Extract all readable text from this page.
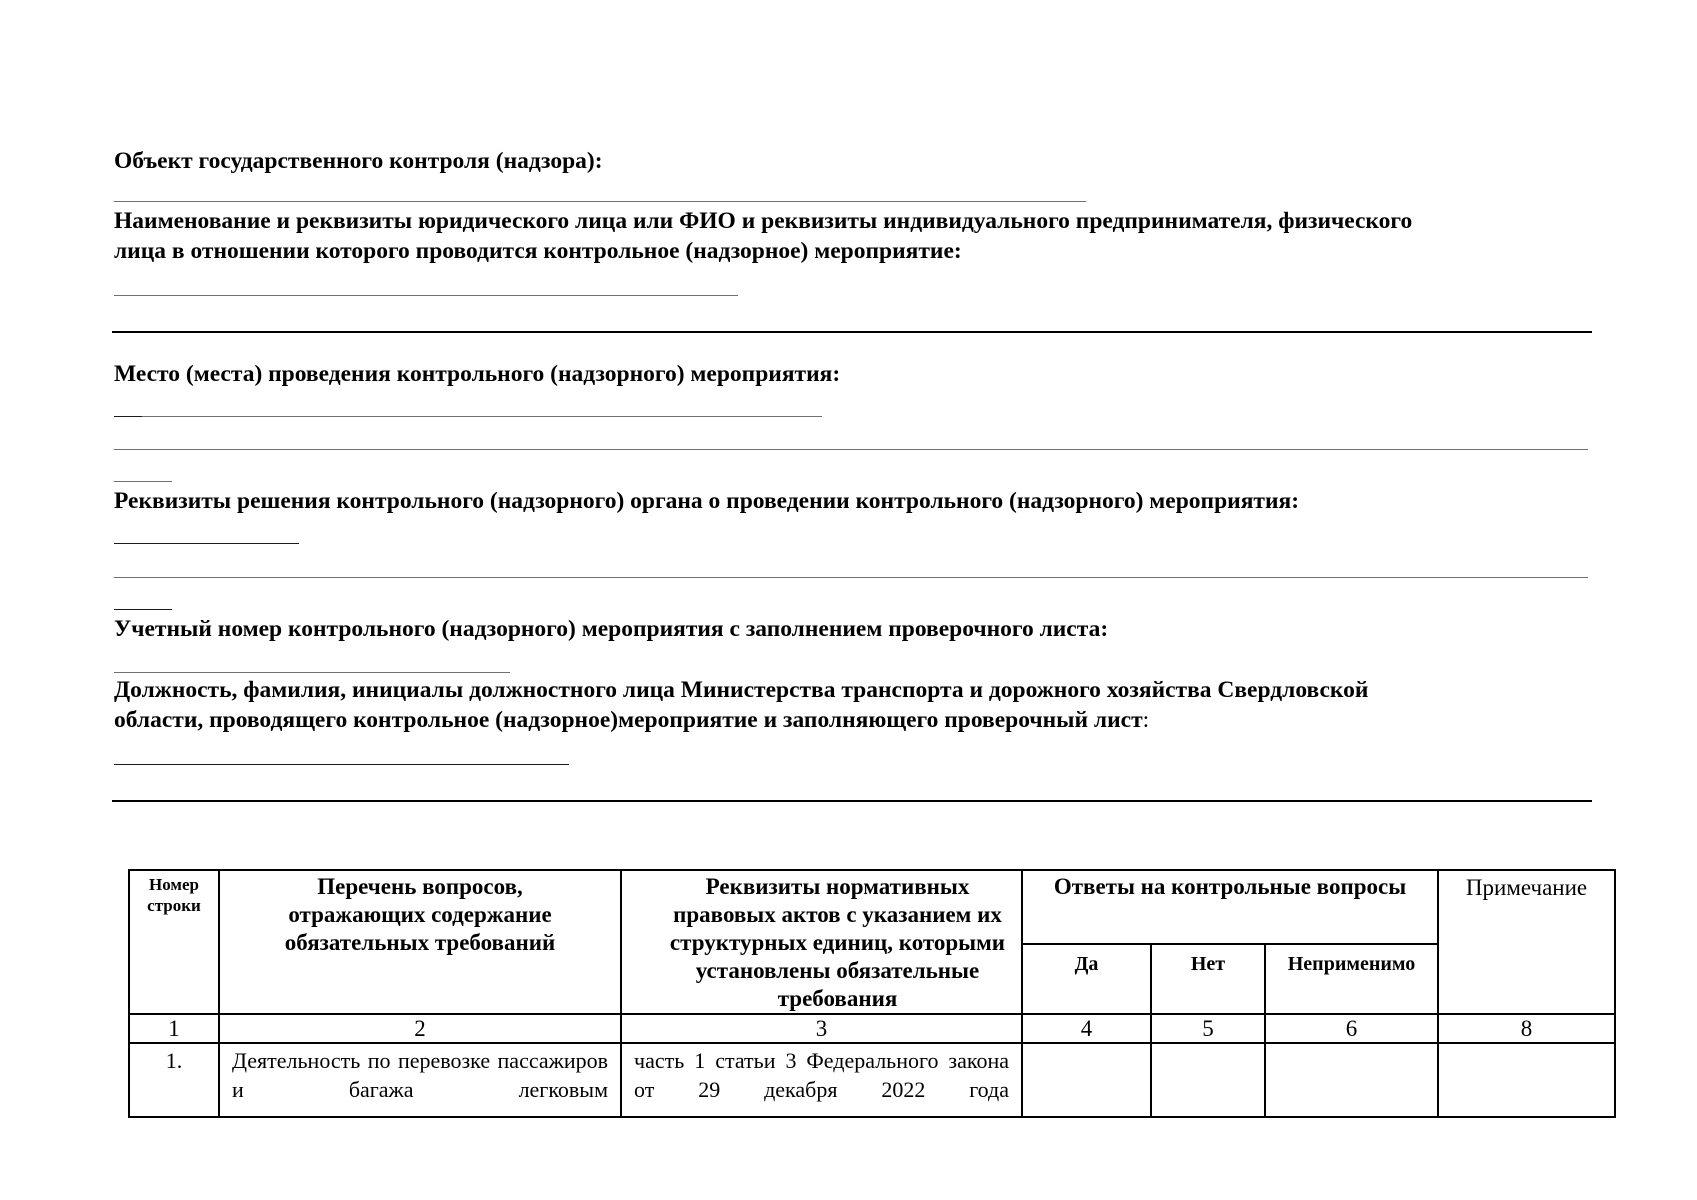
Объект государственного контроля (надзора):
Наименование и реквизиты юридического лица или ФИО и реквизиты индивидуального предпринимателя, физического
лица в отношении которого проводится контрольное (надзорное) мероприятие:
Место (места) проведения контрольного (надзорного) мероприятия:
Реквизиты решения контрольного (надзорного) органа о проведении контрольного (надзорного) мероприятия:
Учетный номер контрольного (надзорного) мероприятия с заполнением проверочного листа:
Должность, фамилия, инициалы должностного лица Министерства транспорта и дорожного хозяйства Свердловской
области, проводящего контрольное (надзорное)мероприятие и заполняющего проверочный лист:
Номер строки	Перечень вопросов, отражающих содержание обязательных требований	Реквизиты нормативных правовых актов с указанием их структурных единиц, которыми установлены обязательные требования	Ответы на контрольные вопросы			Примечание
			Да	Нет	Неприменимо	
1	2	3	4	5	6	8
1.	Деятельность по перевозке пассажиров и багажа легковым	часть 1 статьи 3 Федерального закона от 29 декабря 2022 года				
